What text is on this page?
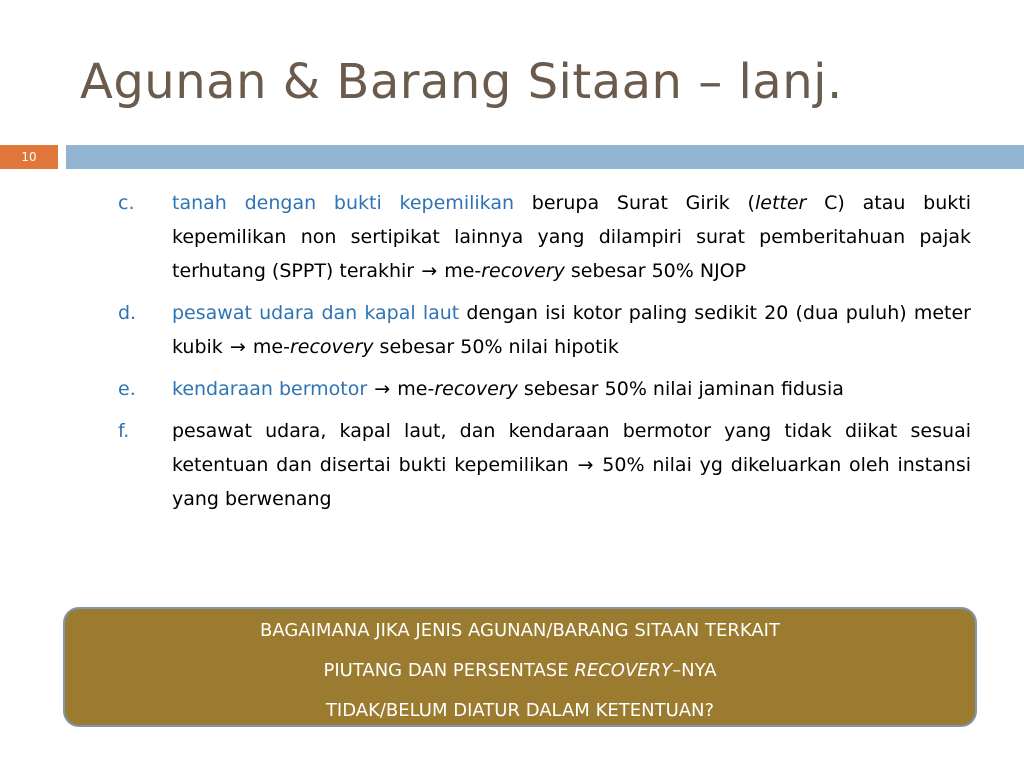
Agunan & Barang Sitaan – lanj.
10
c.	tanah dengan bukti kepemilikan berupa Surat Girik (letter C) atau bukti kepemilikan non sertipikat lainnya yang dilampiri surat pemberitahuan pajak terhutang (SPPT) terakhir → me-recovery sebesar 50% NJOP
d.	pesawat udara dan kapal laut dengan isi kotor paling sedikit 20 (dua puluh) meter kubik → me-recovery sebesar 50% nilai hipotik
e.	kendaraan bermotor → me-recovery sebesar 50% nilai jaminan fidusia
f.	pesawat udara, kapal laut, dan kendaraan bermotor yang tidak diikat sesuai ketentuan dan disertai bukti kepemilikan → 50% nilai yg dikeluarkan oleh instansi yang berwenang
BAGAIMANA JIKA JENIS AGUNAN/BARANG SITAAN TERKAIT
PIUTANG DAN PERSENTASE RECOVERY–NYA
TIDAK/BELUM DIATUR DALAM KETENTUAN?
